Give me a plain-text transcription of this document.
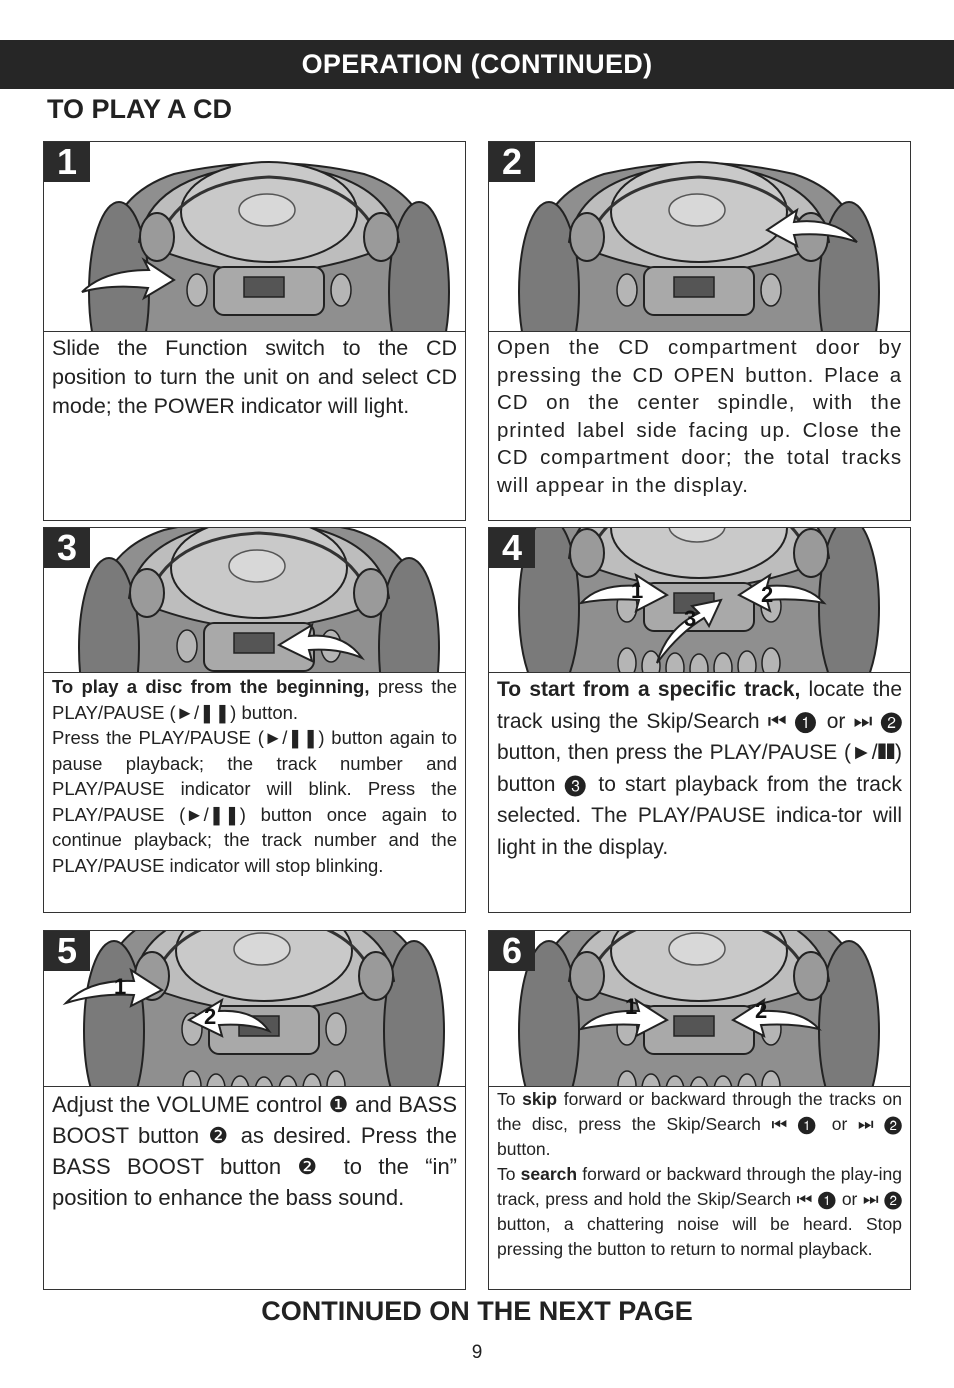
OPERATION (CONTINUED)
TO PLAY A CD
1
Slide the Function switch to the CD position to turn the unit on and select CD mode; the POWER indicator will light.
2
Open the CD compartment door by pressing the CD OPEN button. Place a CD on the center spindle, with the printed label side facing up. Close the CD compartment door; the total tracks will appear in the display.
3

To play a disc from the beginning, press the PLAY/PAUSE (►/❚❚) button.

Press the PLAY/PAUSE (►/❚❚) button again to pause playback; the track number and PLAY/PAUSE indicator will blink. Press the PLAY/PAUSE (►/❚❚) button once again to continue playback; the track number and the PLAY/PAUSE indicator will stop blinking.

1	2
3
4
To start from a specific track, locate the track using the Skip/Search ⏮ ❶ or ⏭ ❷ button, then press the PLAY/PAUSE (►/❚❚) button ❸ to start playback from the track selected. The PLAY/PAUSE indica-tor will light in the display.
1
2
5
Adjust the VOLUME control ❶ and BASS BOOST button ❷ as desired. Press the BASS BOOST button ❷ to the “in” position to enhance the bass sound.
1	2
6

To skip forward or backward through the tracks on the disc, press the Skip/Search ⏮ ❶ or ⏭ ❷ button.

To search forward or backward through the play-ing track, press and hold the Skip/Search ⏮ ❶ or ⏭ ❷ button, a chattering noise will be heard. Stop pressing the button to return to normal playback.

CONTINUED ON THE NEXT PAGE
9
